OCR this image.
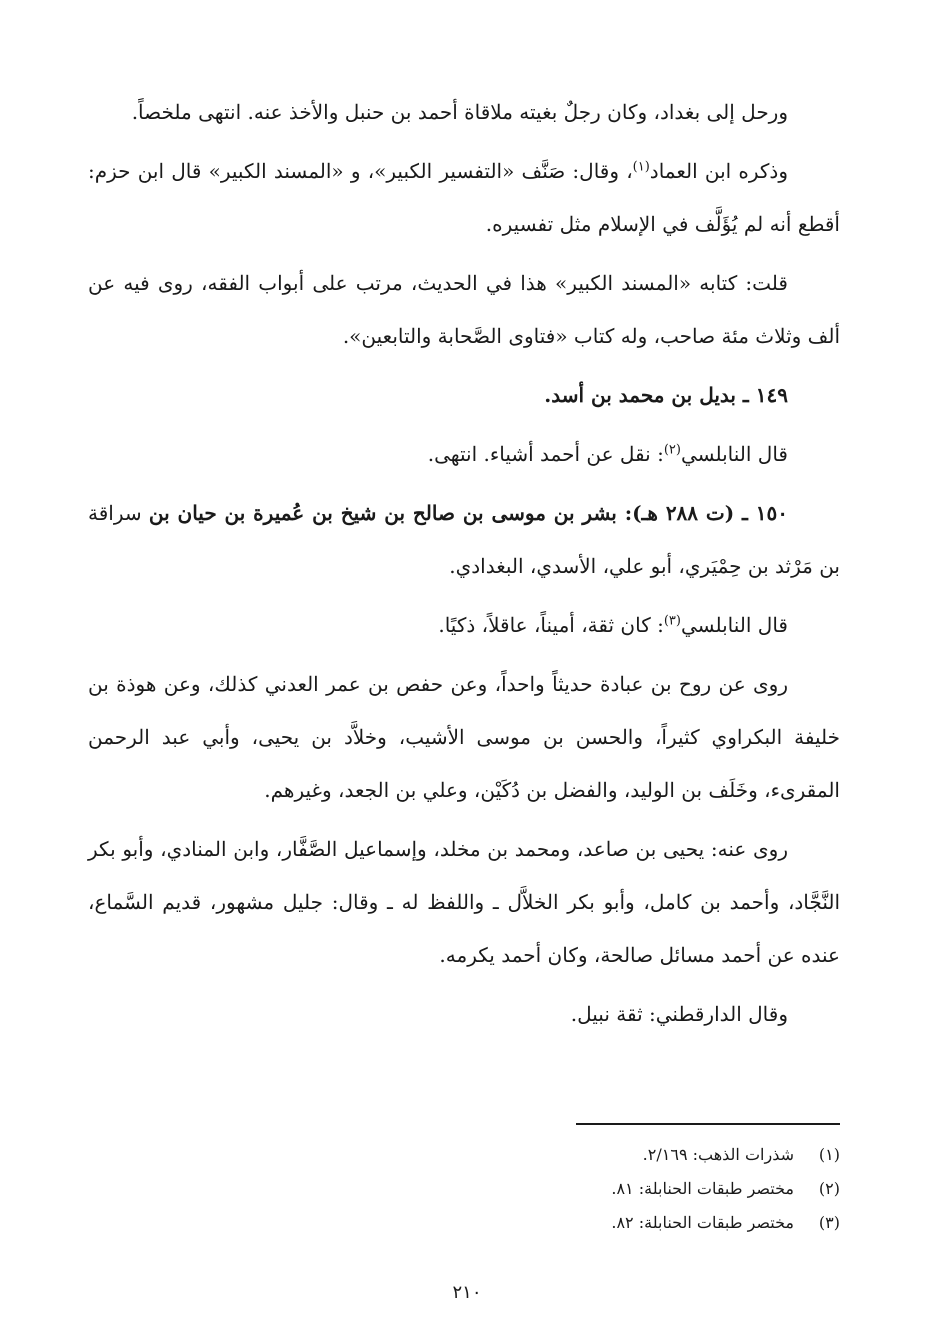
ورحل إلى بغداد، وكان رجلٌ بغيته ملاقاة أحمد بن حنبل والأخذ عنه. انتهى ملخصاً.

وذكره ابن العماد$^{(١)}$، وقال: صَنَّف «التفسير الكبير»، و «المسند الكبير» قال ابن حزم: أقطع أنه لم يُؤَلَّف في الإسلام مثل تفسيره.

قلت: كتابه «المسند الكبير» هذا في الحديث، مرتب على أبواب الفقه، روى فيه عن ألف وثلاث مئة صاحب، وله كتاب «فتاوى الصَّحابة والتابعين».

١٤٩ ـ بديل بن محمد بن أسد.

قال النابلسي$^{(٢)}$: نقل عن أحمد أشياء. انتهى.

١٥٠ ـ (ت ٢٨٨ هـ): بشر بن موسى بن صالح بن شيخ بن عُميرة بن حيان بن سراقة بن مَرْثد بن حِمْيَري، أبو علي، الأسدي، البغدادي.

قال النابلسي$^{(٣)}$: كان ثقة، أميناً، عاقلاً، ذكيًا.

روى عن روح بن عبادة حديثاً واحداً، وعن حفص بن عمر العدني كذلك، وعن هوذة بن خليفة البكراوي كثيراً، والحسن بن موسى الأشيب، وخلاَّد بن يحيى، وأبي عبد الرحمن المقرىء، وخَلَف بن الوليد، والفضل بن دُكَيْن، وعلي بن الجعد، وغيرهم.

روى عنه: يحيى بن صاعد، ومحمد بن مخلد، وإسماعيل الصَّفَّار، وابن المنادي، وأبو بكر النَّجَّاد، وأحمد بن كامل، وأبو بكر الخلاَّل ـ واللفظ له ـ وقال: جليل مشهور، قديم السَّماع، عنده عن أحمد مسائل صالحة، وكان أحمد يكرمه.

وقال الدارقطني: ثقة نبيل.

(١)شذرات الذهب: ٢/١٦٩.
(٢)مختصر طبقات الحنابلة: ٨١.
(٣)مختصر طبقات الحنابلة: ٨٢.
٢١٠
